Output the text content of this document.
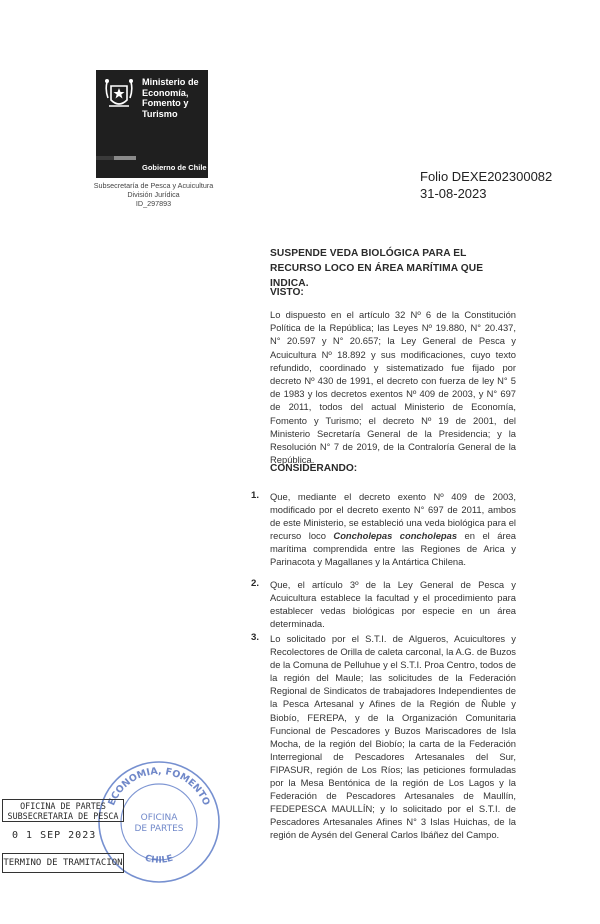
Ministerio de
Economía,
Fomento y
Turismo
Gobierno de Chile
Subsecretaría de Pesca y Acuicultura
División Jurídica
ID_297893
Folio DEXE202300082
31-08-2023
SUSPENDE VEDA BIOLÓGICA PARA EL RECURSO LOCO EN ÁREA MARÍTIMA QUE INDICA.
VISTO:
Lo dispuesto en el artículo 32 Nº 6 de la Constitución Política de la República; las Leyes Nº 19.880, N° 20.437, N° 20.597 y N° 20.657; la Ley General de Pesca y Acuicultura Nº 18.892 y sus modificaciones, cuyo texto refundido, coordinado y sistematizado fue fijado por decreto Nº 430 de 1991, el decreto con fuerza de ley N° 5 de 1983 y los decretos exentos Nº 409 de 2003, y N° 697 de 2011, todos del actual Ministerio de Economía, Fomento y Turismo; el decreto Nº 19 de 2001, del Ministerio Secretaría General de la Presidencia; y la Resolución N° 7 de 2019, de la Contraloría General de la República.
CONSIDERANDO:
1. Que, mediante el decreto exento Nº 409 de 2003, modificado por el decreto exento N° 697 de 2011, ambos de este Ministerio, se estableció una veda biológica para el recurso loco Concholepas concholepas en el área marítima comprendida entre las Regiones de Arica y Parinacota y Magallanes y la Antártica Chilena.
2. Que, el artículo 3º de la Ley General de Pesca y Acuicultura establece la facultad y el procedimiento para establecer vedas biológicas por especie en un área determinada.
3. Lo solicitado por el S.T.I. de Algueros, Acuicultores y Recolectores de Orilla de caleta carconal, la A.G. de Buzos de la Comuna de Pelluhue y el S.T.I. Proa Centro, todos de la región del Maule; las solicitudes de la Federación Regional de Sindicatos de trabajadores Independientes de la Pesca Artesanal y Afines de la Región de Ñuble y Biobío, FEREPA, y de la Organización Comunitaria Funcional de Pescadores y Buzos Mariscadores de Isla Mocha, de la región del Biobío; la carta de la Federación Interregional de Pescadores Artesanales del Sur, FIPASUR, región de Los Ríos; las peticiones formuladas por la Mesa Bentónica de la región de Los Lagos y la Federación de Pescadores Artesanales de Maullín, FEDEPESCA MAULLÍN; y lo solicitado por el S.T.I. de Pescadores Artesanales Afines N° 3 Islas Huichas, de la región de Aysén del General Carlos Ibáñez del Campo.
ECONOMIA, FOMENTO
OFICINA
DE PARTES
CHILE
OFICINA DE PARTES
SUBSECRETARIA DE PESCA
0 1 SEP 2023
TERMINO DE TRAMITACION
